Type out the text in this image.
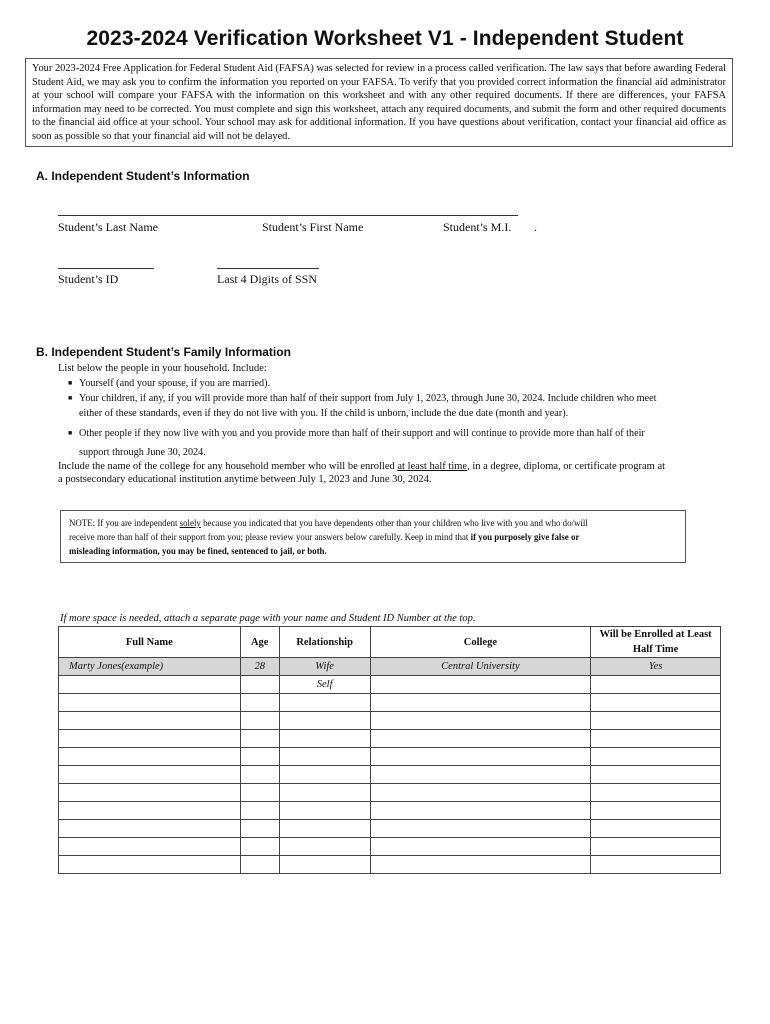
2023-2024 Verification Worksheet V1 - Independent Student
Your 2023-2024 Free Application for Federal Student Aid (FAFSA) was selected for review in a process called verification. The law says that before awarding Federal Student Aid, we may ask you to confirm the information you reported on your FAFSA. To verify that you provided correct information the financial aid administrator at your school will compare your FAFSA with the information on this worksheet and with any other required documents. If there are differences, your FAFSA information may need to be corrected. You must complete and sign this worksheet, attach any required documents, and submit the form and other required documents to the financial aid office at your school. Your school may ask for additional information. If you have questions about verification, contact your financial aid office as soon as possible so that your financial aid will not be delayed.
A. Independent Student’s Information
Student’s Last Name	Student’s First Name	Student’s M.I. .
Student’s ID	Last 4 Digits of SSN
B. Independent Student’s Family Information
List below the people in your household. Include:
■ Yourself (and your spouse, if you are married).
■ Your children, if any, if you will provide more than half of their support from July 1, 2023, through June 30, 2024. Include children who meet
either of these standards, even if they do not live with you. If the child is unborn, include the due date (month and year).
■ Other people if they now live with you and you provide more than half of their support and will continue to provide more than half of their
support through June 30, 2024.
Include the name of the college for any household member who will be enrolled at least half time, in a degree, diploma, or certificate program at
a postsecondary educational institution anytime between July 1, 2023 and June 30, 2024.
NOTE: If you are independent solely because you indicated that you have dependents other than your children who live with you and who do/will
receive more than half of their support from you; please review your answers below carefully. Keep in mind that if you purposely give false or
misleading information, you may be fined, sentenced to jail, or both.
If more space is needed, attach a separate page with your name and Student ID Number at the top.
Full Name	Age	Relationship	College	Will be Enrolled at Least Half Time
Marty Jones(example)	28	Wife	Central University	Yes
		Self		
